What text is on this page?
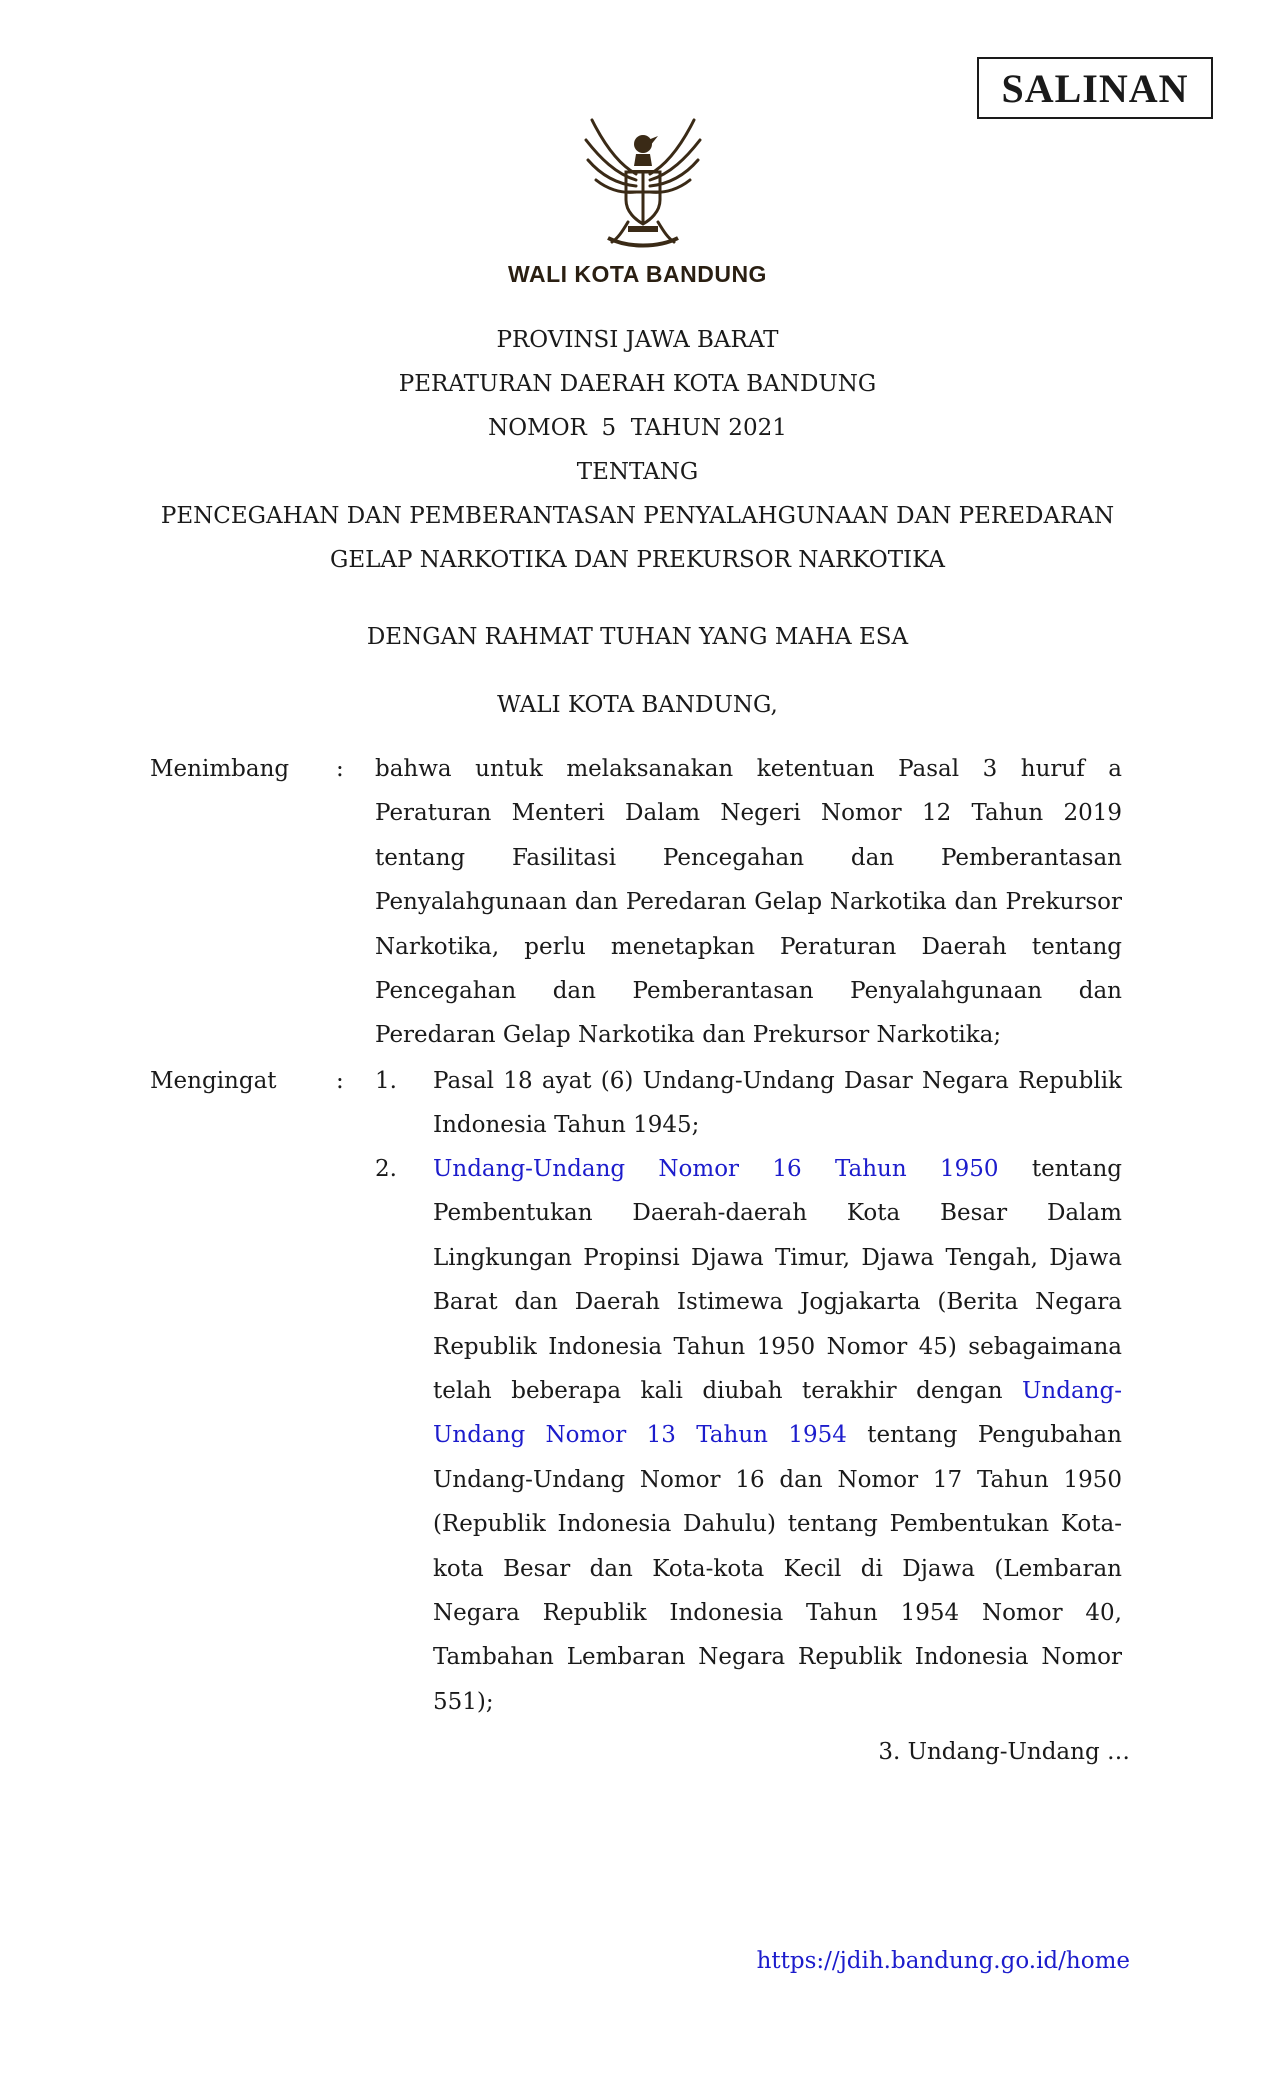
SALINAN
WALI KOTA BANDUNG
PROVINSI JAWA BARAT
PERATURAN DAERAH KOTA BANDUNG
NOMOR  5  TAHUN 2021
TENTANG
PENCEGAHAN DAN PEMBERANTASAN PENYALAHGUNAAN DAN PEREDARAN
GELAP NARKOTIKA DAN PREKURSOR NARKOTIKA
DENGAN RAHMAT TUHAN YANG MAHA ESA
WALI KOTA BANDUNG,
Menimbang : bahwa untuk melaksanakan ketentuan Pasal 3 huruf a Peraturan Menteri Dalam Negeri Nomor 12 Tahun 2019 tentang Fasilitasi Pencegahan dan Pemberantasan Penyalahgunaan dan Peredaran Gelap Narkotika dan Prekursor Narkotika, perlu menetapkan Peraturan Daerah tentang Pencegahan dan Pemberantasan Penyalahgunaan dan Peredaran Gelap Narkotika dan Prekursor Narkotika;
Mengingat	: 1. Pasal 18 ayat (6) Undang-Undang Dasar Negara Republik Indonesia Tahun 1945;
2. Undang-Undang Nomor 16 Tahun 1950 tentang Pembentukan Daerah-daerah Kota Besar Dalam Lingkungan Propinsi Djawa Timur, Djawa Tengah, Djawa Barat dan Daerah Istimewa Jogjakarta (Berita Negara Republik Indonesia Tahun 1950 Nomor 45) sebagaimana telah beberapa kali diubah terakhir dengan Undang-Undang Nomor 13 Tahun 1954 tentang Pengubahan Undang-Undang Nomor 16 dan Nomor 17 Tahun 1950 (Republik Indonesia Dahulu) tentang Pembentukan Kota-kota Besar dan Kota-kota Kecil di Djawa (Lembaran Negara Republik Indonesia Tahun 1954 Nomor 40, Tambahan Lembaran Negara Republik Indonesia Nomor 551);
3. Undang-Undang …
https://jdih.bandung.go.id/home
